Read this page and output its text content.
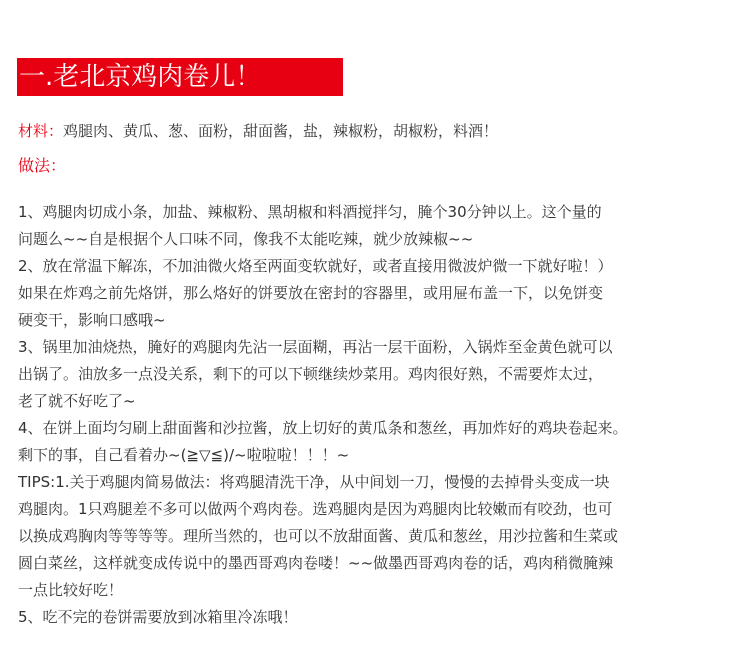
一.老北京鸡肉卷儿！
材料：鸡腿肉、黄瓜、葱、面粉，甜面酱，盐，辣椒粉，胡椒粉，料酒！
做法：
1、鸡腿肉切成小条，加盐、辣椒粉、黑胡椒和料酒搅拌匀，腌个30分钟以上。这个量的
问题么~~自是根据个人口味不同，像我不太能吃辣，就少放辣椒~~
2、放在常温下解冻，不加油微火烙至两面变软就好，或者直接用微波炉微一下就好啦！）
如果在炸鸡之前先烙饼，那么烙好的饼要放在密封的容器里，或用屉布盖一下，以免饼变
硬变干，影响口感哦~
3、锅里加油烧热，腌好的鸡腿肉先沾一层面糊，再沾一层干面粉，入锅炸至金黄色就可以
出锅了。油放多一点没关系，剩下的可以下顿继续炒菜用。鸡肉很好熟，不需要炸太过，
老了就不好吃了~
4、在饼上面均匀刷上甜面酱和沙拉酱，放上切好的黄瓜条和葱丝，再加炸好的鸡块卷起来。
剩下的事，自己看着办~(≧▽≦)/~啦啦啦！！！~
TIPS:1.关于鸡腿肉简易做法：将鸡腿清洗干净，从中间划一刀，慢慢的去掉骨头变成一块
鸡腿肉。1只鸡腿差不多可以做两个鸡肉卷。选鸡腿肉是因为鸡腿肉比较嫩而有咬劲，也可
以换成鸡胸肉等等等等。理所当然的，也可以不放甜面酱、黄瓜和葱丝，用沙拉酱和生菜或
圆白菜丝，这样就变成传说中的墨西哥鸡肉卷喽！~~做墨西哥鸡肉卷的话，鸡肉稍微腌辣
一点比较好吃！
5、吃不完的卷饼需要放到冰箱里冷冻哦！
